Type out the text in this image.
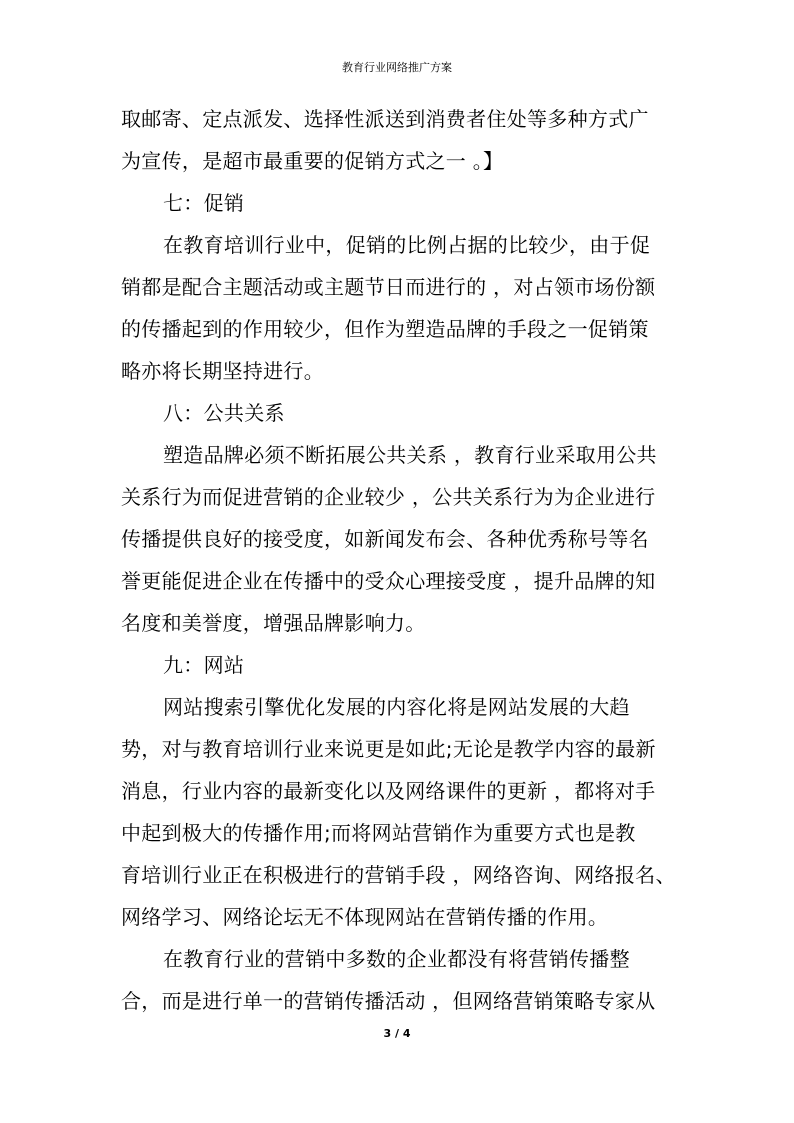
教育行业网络推广方案
取邮寄、定点派发、选择性派送到消费者住处等多种方式广
为宣传，是超市最重要的促销方式之一 。】
七：促销
在教育培训行业中，促销的比例占据的比较少，由于促
销都是配合主题活动或主题节日而进行的 ，对占领市场份额
的传播起到的作用较少，但作为塑造品牌的手段之一促销策
略亦将长期坚持进行。
八：公共关系
塑造品牌必须不断拓展公共关系 ，教育行业采取用公共
关系行为而促进营销的企业较少 ，公共关系行为为企业进行
传播提供良好的接受度，如新闻发布会、各种优秀称号等名
誉更能促进企业在传播中的受众心理接受度 ，提升品牌的知
名度和美誉度，增强品牌影响力。
九：网站
网站搜索引擎优化发展的内容化将是网站发展的大趋
势，对与教育培训行业来说更是如此;无论是教学内容的最新
消息，行业内容的最新变化以及网络课件的更新 ，都将对手
中起到极大的传播作用;而将网站营销作为重要方式也是教
育培训行业正在积极进行的营销手段 ，网络咨询、网络报名、
网络学习、网络论坛无不体现网站在营销传播的作用。
在教育行业的营销中多数的企业都没有将营销传播整
合，而是进行单一的营销传播活动 ，但网络营销策略专家从
3 / 4
